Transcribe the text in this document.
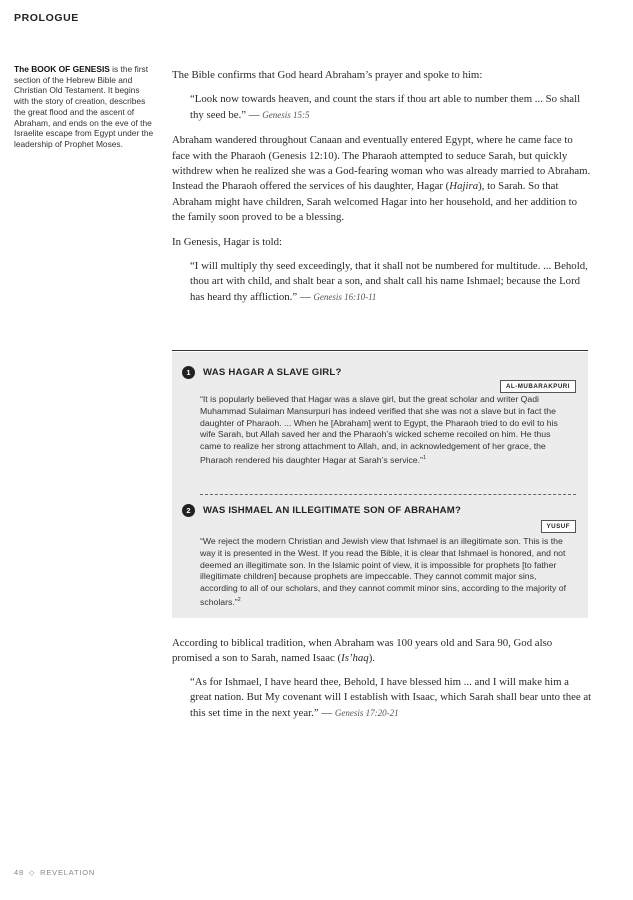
PROLOGUE
The BOOK OF GENESIS is the first section of the Hebrew Bible and Christian Old Testament. It begins with the story of creation, describes the great flood and the ascent of Abraham, and ends on the eve of the Israelite escape from Egypt under the leadership of Prophet Moses.

The Bible confirms that God heard Abraham’s prayer and spoke to him:

“Look now towards heaven, and count the stars if thou art able to number them ... So shall thy seed be.” — Genesis 15:5

Abraham wandered throughout Canaan and eventually entered Egypt, where he came face to face with the Pharaoh (Genesis 12:10). The Pharaoh attempted to seduce Sarah, but quickly withdrew when he realized she was a God-fearing woman who was already married to Abraham. Instead the Pharaoh offered the services of his daughter, Hagar (Hajira), to Sarah. So that Abraham might have children, Sarah welcomed Hagar into her household, and her addition to the family soon proved to be a blessing.

In Genesis, Hagar is told:

“I will multiply thy seed exceedingly, that it shall not be numbered for multitude. ... Behold, thou art with child, and shalt bear a son, and shalt call his name Ishmael; because the Lord has heard thy affliction.” — Genesis 16:10-11

1	WAS HAGAR A SLAVE GIRL?
AL-MUBARAKPURI
“It is popularly believed that Hagar was a slave girl, but the great scholar and writer Qadi Muhammad Sulaiman Mansurpuri has indeed verified that she was not a slave but in fact the daughter of Pharaoh. ... When he [Abraham] went to Egypt, the Pharaoh tried to do evil to his wife Sarah, but Allah saved her and the Pharaoh’s wicked scheme recoiled on him. He thus came to realize her strong attachment to Allah, and, in acknowledgement of her grace, the Pharaoh rendered his daughter Hagar at Sarah’s service.”$^1$
2	WAS ISHMAEL AN ILLEGITIMATE SON OF ABRAHAM?
YUSUF
“We reject the modern Christian and Jewish view that Ishmael is an illegitimate son. This is the way it is presented in the West. If you read the Bible, it is clear that Ishmael is honored, and not deemed an illegitimate son. In the Islamic point of view, it is impossible for prophets [to father illegitimate children] because prophets are impeccable. They cannot commit major sins, according to all of our scholars, and they cannot commit minor sins, according to the majority of scholars.”$^2$

According to biblical tradition, when Abraham was 100 years old and Sara 90, God also promised a son to Sarah, named Isaac (Is’haq).

“As for Ishmael, I have heard thee, Behold, I have blessed him ... and I will make him a great nation. But My covenant will I establish with Isaac, which Sarah shall bear unto thee at this set time in the next year.” — Genesis 17:20-21

48 ◇ REVELATION
